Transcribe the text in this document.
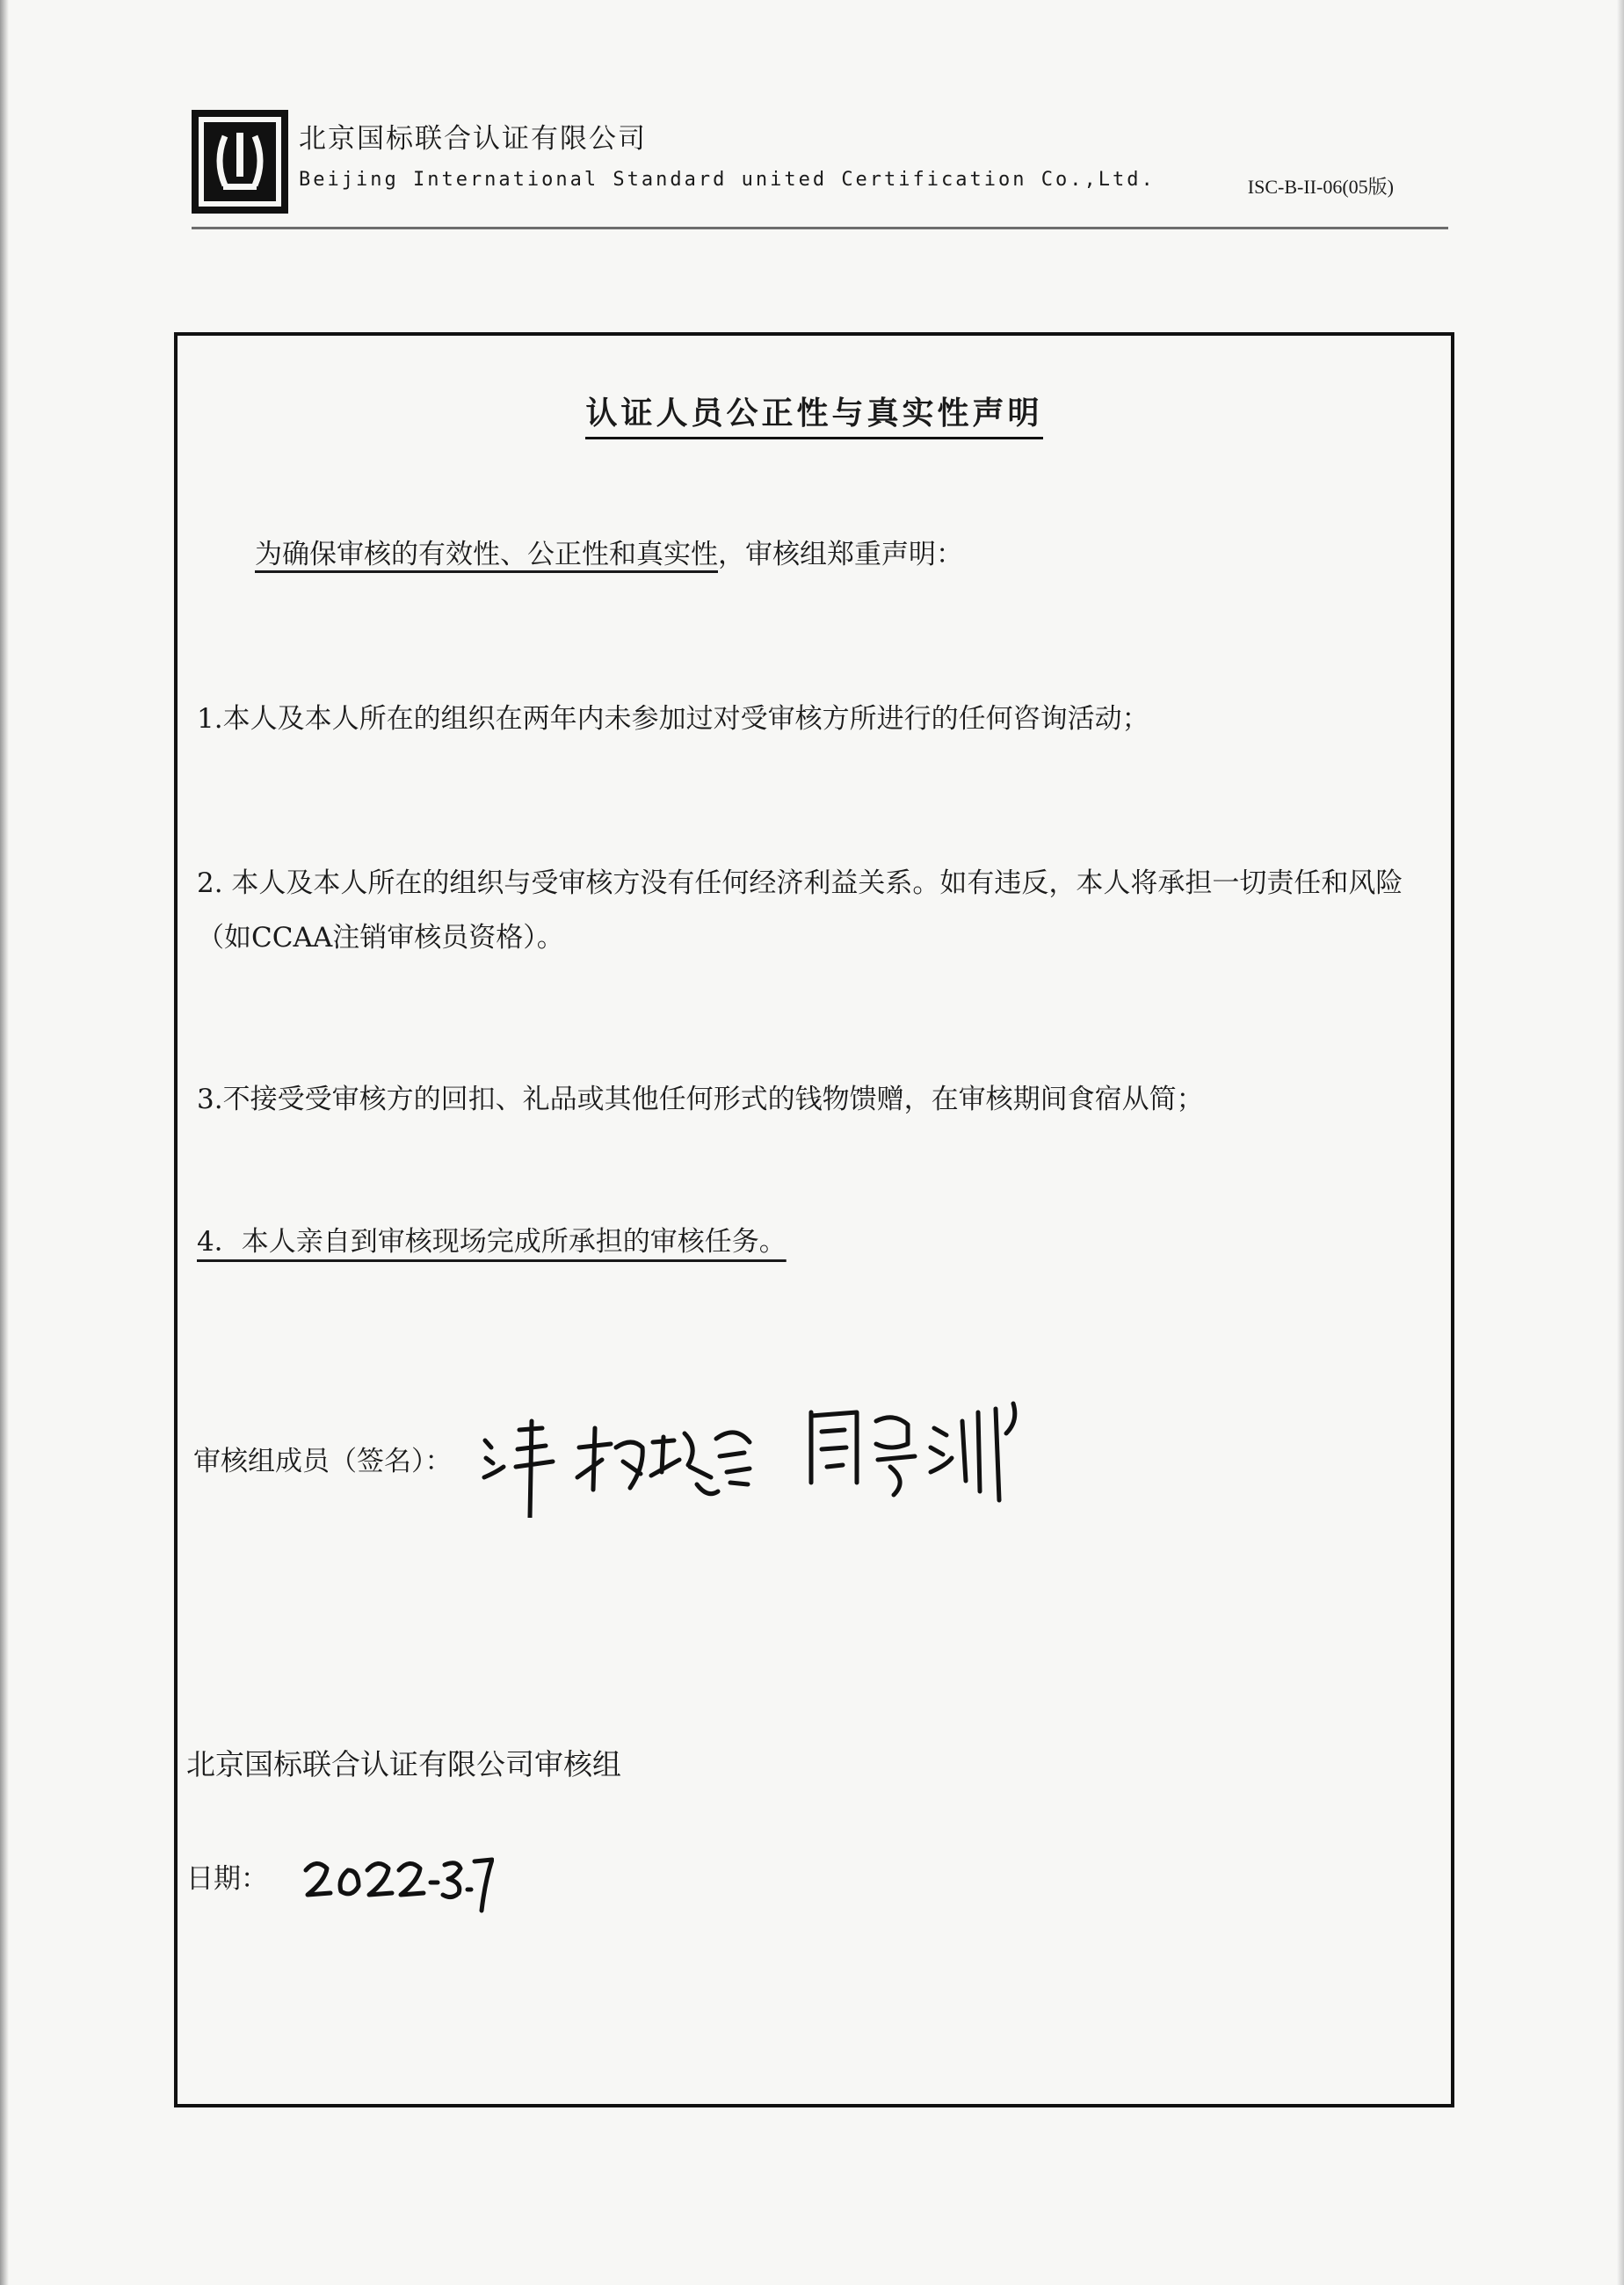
北京国标联合认证有限公司
Beijing International Standard united Certification Co.,Ltd.	ISC-B-II-06(05版)
认证人员公正性与真实性声明
为确保审核的有效性、公正性和真实性，审核组郑重声明：
1.本人及本人所在的组织在两年内未参加过对受审核方所进行的任何咨询活动；
2. 本人及本人所在的组织与受审核方没有任何经济利益关系。如有违反，本人将承担一切责任和风险（如CCAA注销审核员资格）。
3.不接受受审核方的回扣、礼品或其他任何形式的钱物馈赠，在审核期间食宿从简；
4．本人亲自到审核现场完成所承担的审核任务。
审核组成员（签名）：
北京国标联合认证有限公司审核组
日期：
